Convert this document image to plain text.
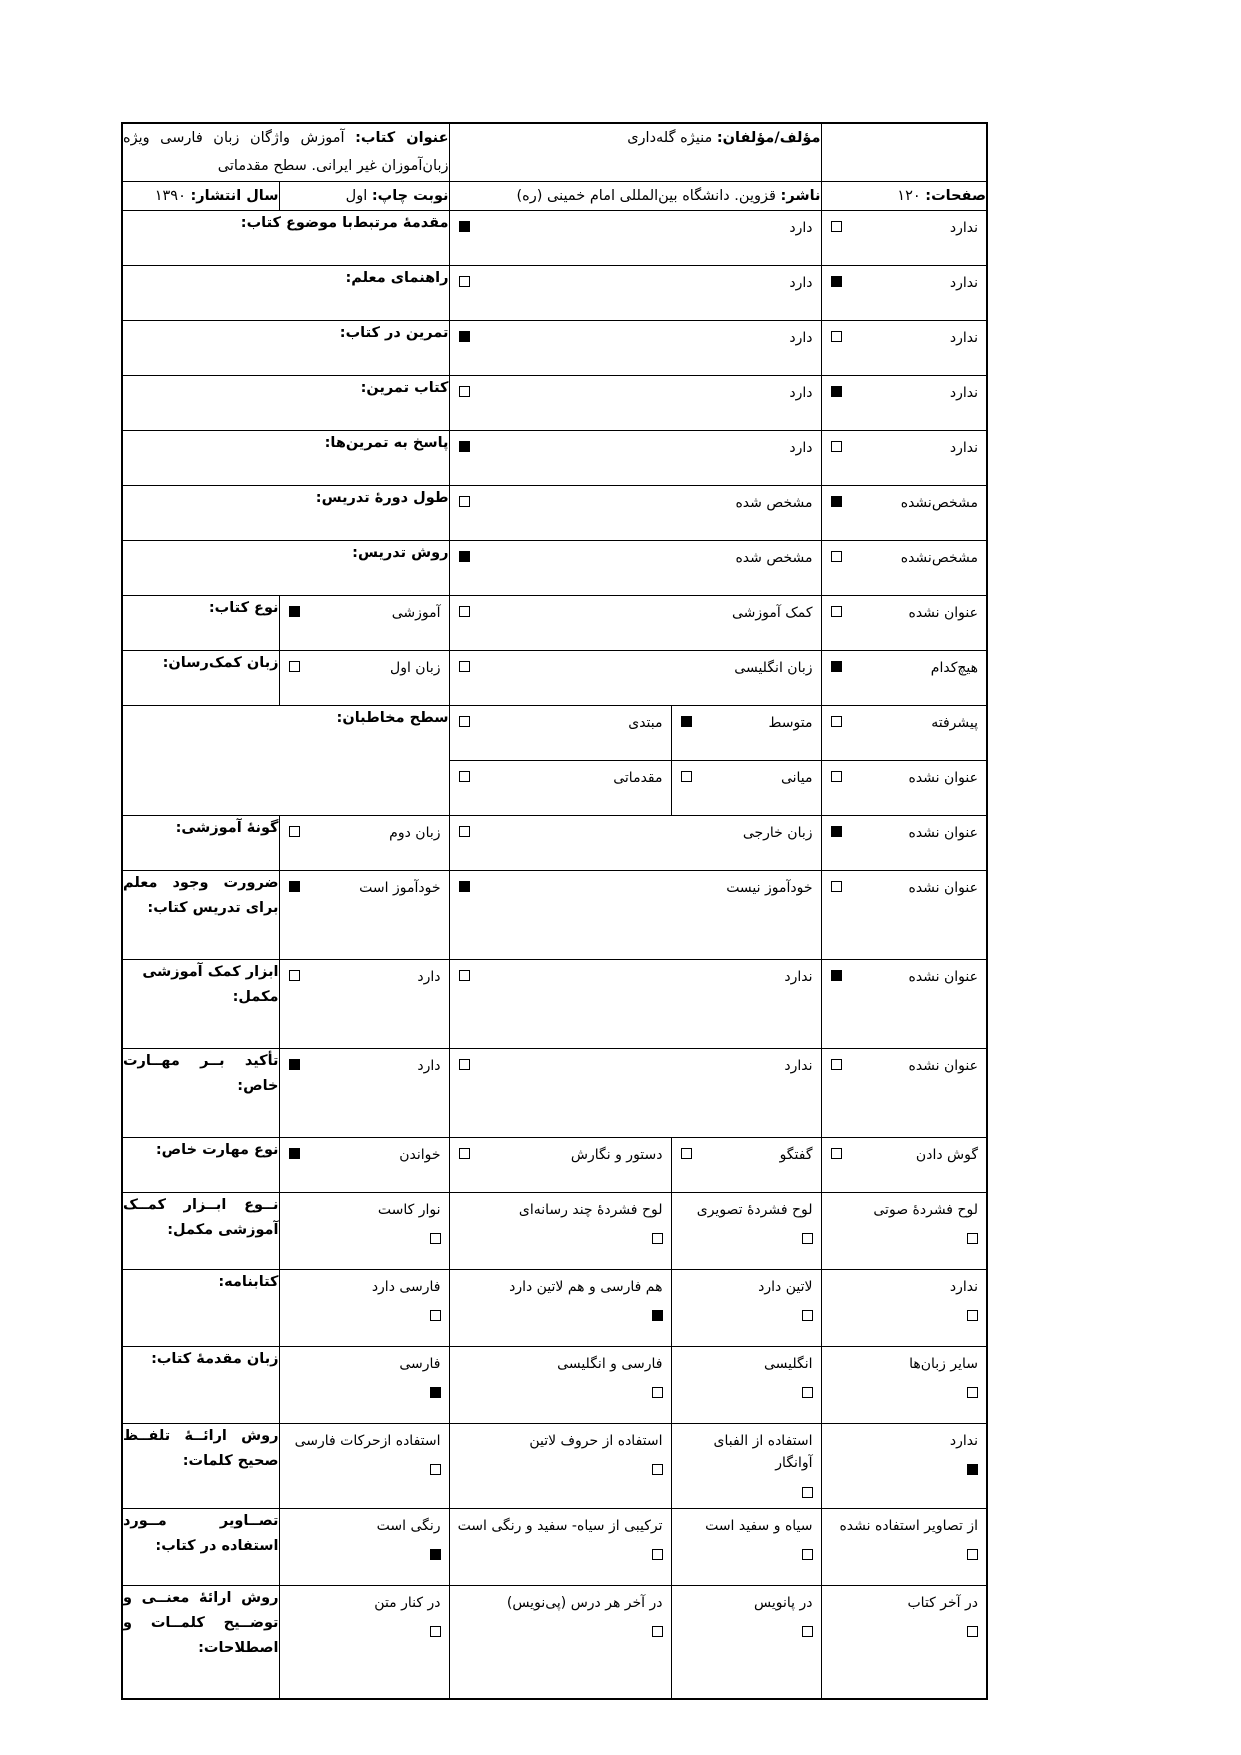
	مؤلف/مؤلفان: منیژه گله‌داری		عنوان کتاب: آموزش واژگان زبان فارسی ویژه زبان‌آموزان غیر ایرانی. سطح مقدماتی	
صفحات: ۱۲۰	ناشر: قزوین. دانشگاه بین‌المللی امام خمینی (ره)		نوبت چاپ: اول	سال انتشار: ۱۳۹۰

ندارد	دارد		مقدمهٔ مرتبط‌با موضوع کتاب:	

ندارد	دارد		راهنمای معلم:	

ندارد	دارد		تمرین در کتاب:	

ندارد	دارد		کتاب تمرین:	

ندارد	دارد		پاسخ به تمرین‌ها:	

مشخص‌نشده	مشخص شده		طول دورهٔ تدریس:	

مشخص‌نشده	مشخص شده		روش تدریس:	

عنوان نشده	کمک آموزشی		آموزشی	نوع کتاب:

هیچ‌کدام	زبان انگلیسی		زبان اول	زبان کمک‌رسان:

پیشرفته	متوسط	مبتدی	سطح مخاطبان:	

عنوان نشده	میانی	مقدماتی		

عنوان نشده	زبان خارجی		زبان دوم	گونهٔ آموزشی:

عنوان نشده	خودآموز نیست		خودآموز است	ضرورت وجود معلم برای تدریس کتاب:

عنوان نشده	ندارد		دارد	ابزار کمک آموزشی مکمل:

عنوان نشده	ندارد		دارد	تأکید بــر مهــارت خاص:

گوش دادن	گفتگو	دستور و نگارش	خواندن	نوع مهارت خاص:

لوح فشردهٔ صوتی	لوح فشردهٔ تصویری	لوح فشردهٔ چند رسانه‌ای	نوار کاست	نــوع ابــزار کمــک آموزشی مکمل:

ندارد	لاتین دارد	هم فارسی و هم لاتین دارد	فارسی دارد	کتابنامه:

سایر زبان‌ها	انگلیسی	فارسی و انگلیسی	فارسی	زبان مقدمهٔ کتاب:

ندارد	استفاده از الفبای آوانگار	استفاده از حروف لاتین	استفاده ازحرکات فارسی	روش ارائــهٔ تلفــظ صحیح کلمات:

از تصاویر استفاده نشده	سیاه و سفید است	ترکیبی از سیاه- سفید و رنگی است	رنگی است	تصــاویر مــورد استفاده در کتاب:

در آخر کتاب	در پانویس	در آخر هر درس (پی‌نویس)	در کنار متن	روش ارائهٔ معنــی و توضــیح کلمــات و اصطلاحات:
